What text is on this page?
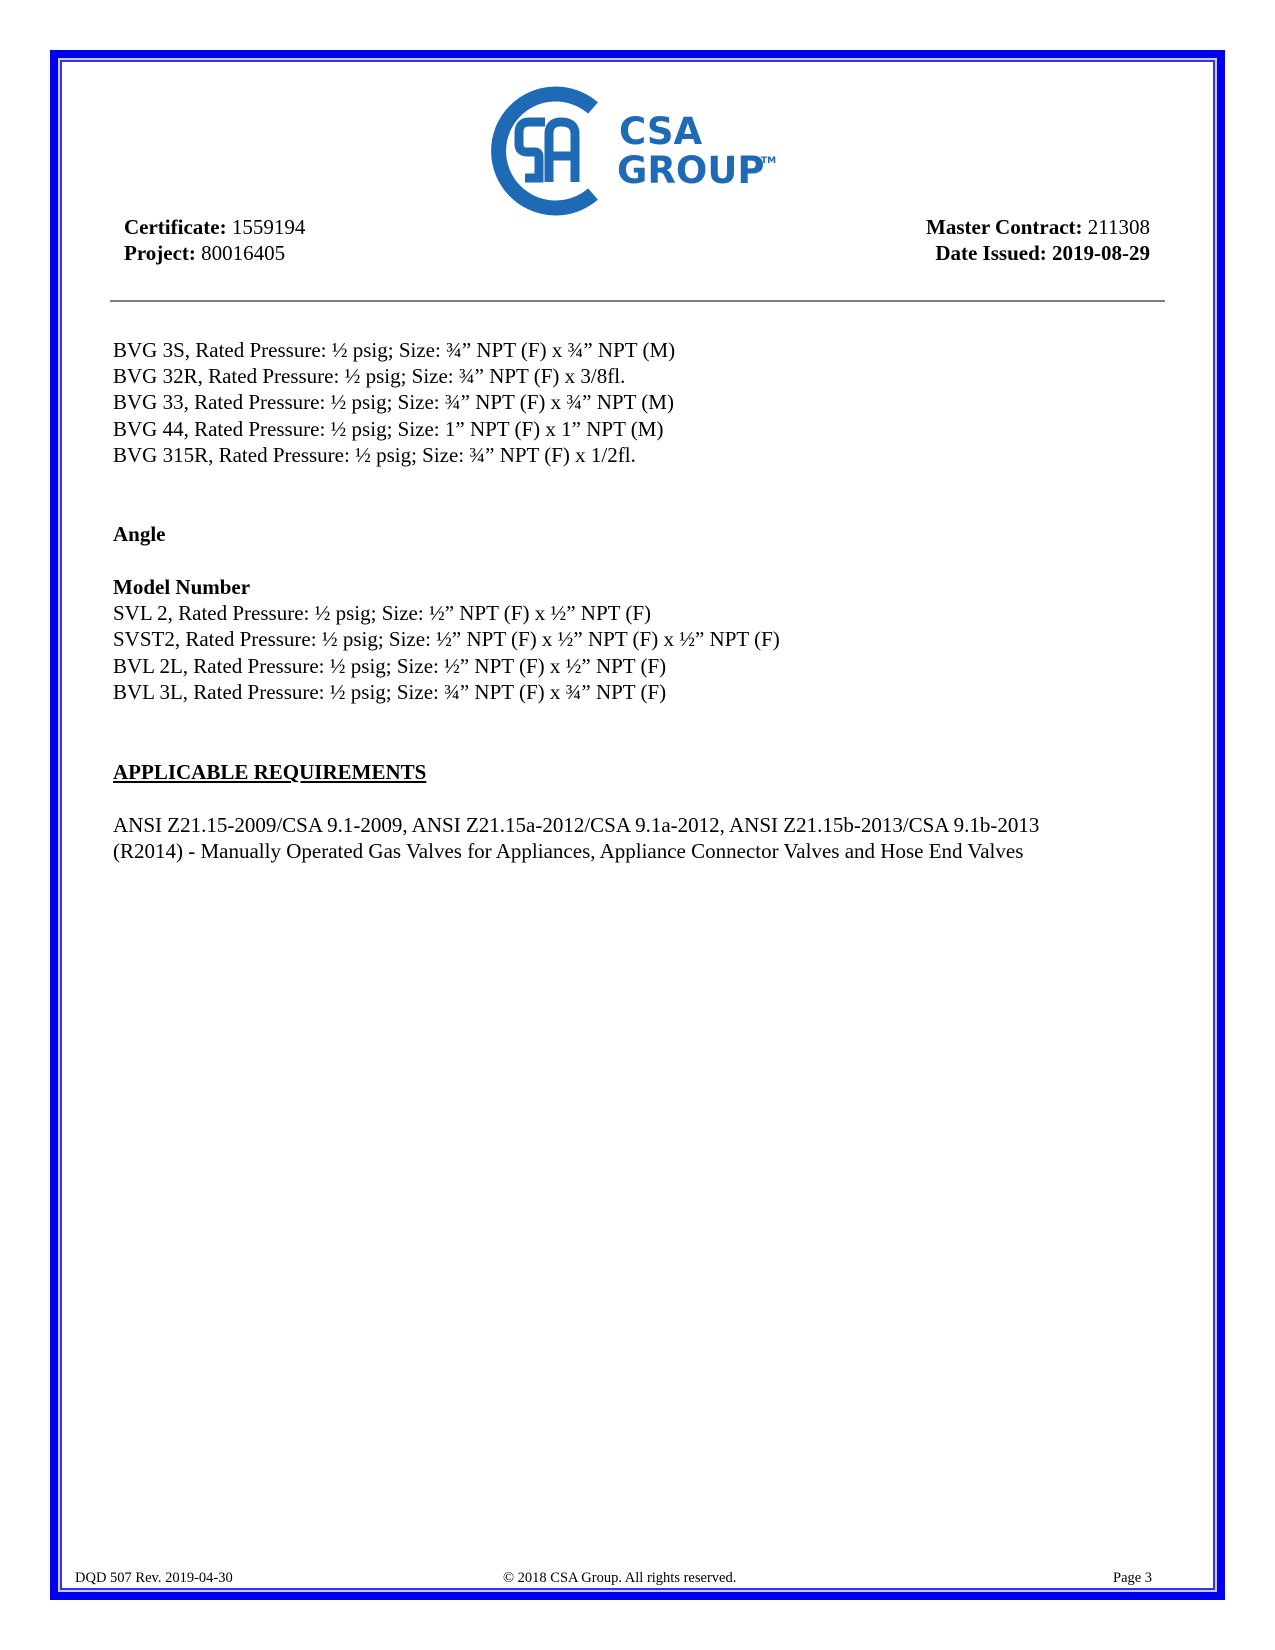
CSA
GROUP
TM
Certificate: 1559194
Project: 80016405
Master Contract: 211308
Date Issued: 2019-08-29
BVG 3S, Rated Pressure: ½ psig; Size: ¾” NPT (F) x ¾” NPT (M)
BVG 32R, Rated Pressure: ½ psig; Size: ¾” NPT (F) x 3/8fl.
BVG 33, Rated Pressure: ½ psig; Size: ¾” NPT (F) x ¾” NPT (M)
BVG 44, Rated Pressure: ½ psig; Size: 1” NPT (F) x 1” NPT (M)
BVG 315R, Rated Pressure: ½ psig; Size: ¾” NPT (F) x 1/2fl.
Angle
Model Number
SVL 2, Rated Pressure: ½ psig; Size: ½” NPT (F) x ½” NPT (F)
SVST2, Rated Pressure: ½ psig; Size: ½” NPT (F) x ½” NPT (F) x ½” NPT (F)
BVL 2L, Rated Pressure: ½ psig; Size: ½” NPT (F) x ½” NPT (F)
BVL 3L, Rated Pressure: ½ psig; Size: ¾” NPT (F) x ¾” NPT (F)
APPLICABLE REQUIREMENTS
ANSI Z21.15-2009/CSA 9.1-2009, ANSI Z21.15a-2012/CSA 9.1a-2012, ANSI Z21.15b-2013/CSA 9.1b-2013
(R2014) - Manually Operated Gas Valves for Appliances, Appliance Connector Valves and Hose End Valves
DQD 507 Rev. 2019-04-30	© 2018 CSA Group. All rights reserved.	Page 3
